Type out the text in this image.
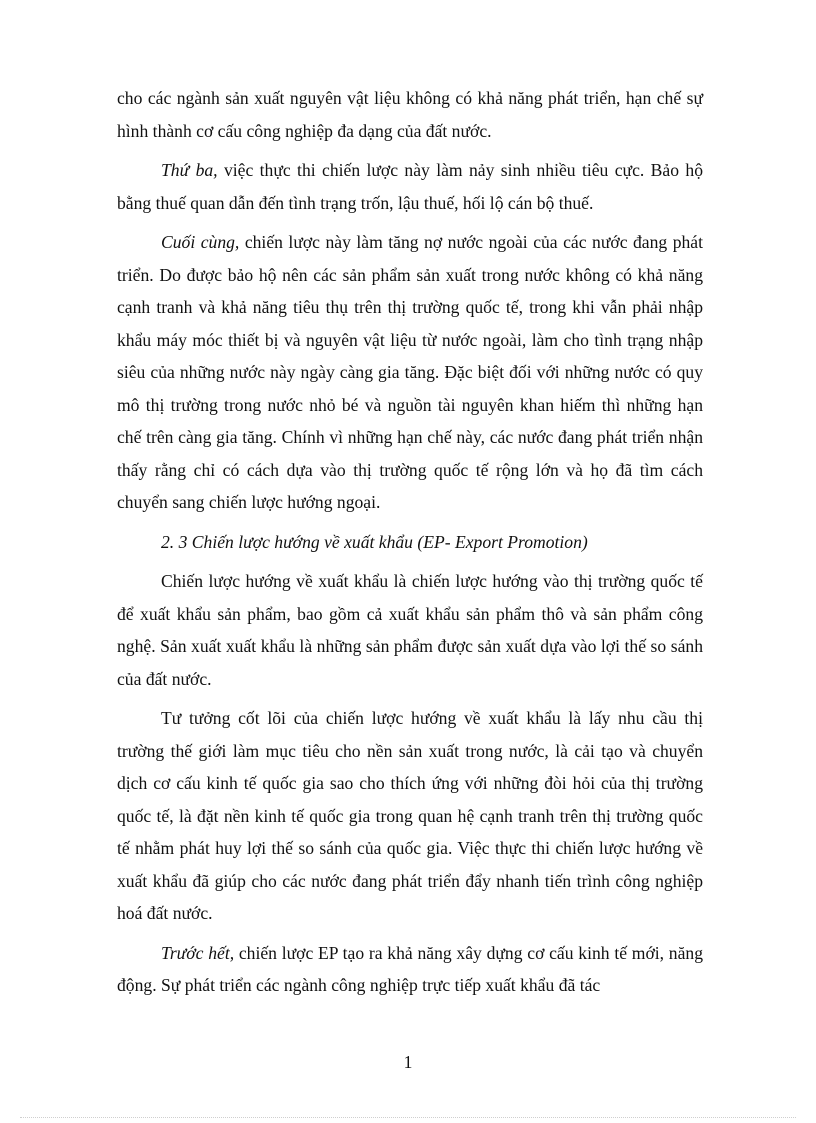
cho các ngành sản xuất nguyên vật liệu không có khả năng phát triển, hạn chế sự hình thành cơ cấu công nghiệp đa dạng của đất nước.

Thứ ba, việc thực thi chiến lược này làm nảy sinh nhiều tiêu cực. Bảo hộ bằng thuế quan dẫn đến tình trạng trốn, lậu thuế, hối lộ cán bộ thuế.

Cuối cùng, chiến lược này làm tăng nợ nước ngoài của các nước đang phát triển. Do được bảo hộ nên các sản phẩm sản xuất trong nước không có khả năng cạnh tranh và khả năng tiêu thụ trên thị trường quốc tế, trong khi vẫn phải nhập khẩu máy móc thiết bị và nguyên vật liệu từ nước ngoài, làm cho tình trạng nhập siêu của những nước này ngày càng gia tăng. Đặc biệt đối với những nước có quy mô thị trường trong nước nhỏ bé và nguồn tài nguyên khan hiếm thì những hạn chế trên càng gia tăng. Chính vì những hạn chế này, các nước đang phát triển nhận thấy rằng chỉ có cách dựa vào thị trường quốc tế rộng lớn và họ đã tìm cách chuyển sang chiến lược hướng ngoại.

2. 3 Chiến lược hướng về xuất khẩu (EP- Export Promotion)

Chiến lược hướng về xuất khẩu là chiến lược hướng vào thị trường quốc tế để xuất khẩu sản phẩm, bao gồm cả xuất khẩu sản phẩm thô và sản phẩm công nghệ. Sản xuất xuất khẩu là những sản phẩm được sản xuất dựa vào lợi thế so sánh của đất nước.

Tư tưởng cốt lõi của chiến lược hướng về xuất khẩu là lấy nhu cầu thị trường thế giới làm mục tiêu cho nền sản xuất trong nước, là cải tạo và chuyển dịch cơ cấu kinh tế quốc gia sao cho thích ứng với những đòi hỏi của thị trường quốc tế, là đặt nền kinh tế quốc gia trong quan hệ cạnh tranh trên thị trường quốc tế nhằm phát huy lợi thế so sánh của quốc gia. Việc thực thi chiến lược hướng về xuất khẩu đã giúp cho các nước đang phát triển đẩy nhanh tiến trình công nghiệp hoá đất nước.

Trước hết, chiến lược EP tạo ra khả năng xây dựng cơ cấu kinh tế mới, năng động. Sự phát triển các ngành công nghiệp trực tiếp xuất khẩu đã tác

1
